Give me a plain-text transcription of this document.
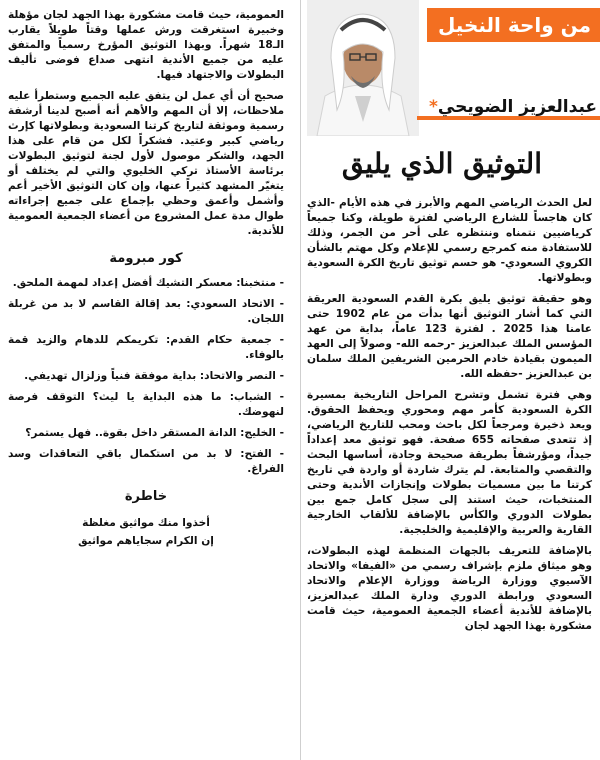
من واحة النخيل
عبدالعزيز الضويحي*
التوثيق الذي يليق

لعل الحدث الرياضي المهم والأبرز في هذه الأيام -الذي كان هاجساً للشارع الرياضي لفترة طويلة، وكنا جميعاً كرياضيين نتمناه وننتظره على أحر من الجمر، وذلك للاستفادة منه كمرجع رسمي للإعلام وكل مهتم بالشأن الكروي السعودي- هو حسم توثيق تاريخ الكرة السعودية وبطولاتها.

وهو حقيقة توثيق يليق بكرة القدم السعودية العريقة التي كما أشار التوثيق أنها بدأت من عام 1902 حتى عامنا هذا 2025 . لفترة 123 عاماً، بداية من عهد المؤسس الملك عبدالعزيز -رحمه الله- وصولاً إلى العهد الميمون بقيادة خادم الحرمين الشريفين الملك سلمان بن عبدالعزيز -حفظه الله.

وهي فترة تشمل وتشرح المراحل التاريخية بمسيرة الكرة السعودية كأمر مهم ومحوري ويحفظ الحقوق. ويعد ذخيرة ومرجعاً لكل باحث ومحب للتاريخ الرياضي، إذ تتعدى صفحاته 655 صفحة. فهو توثيق معد إعداداً جيداً، ومؤرشفاً بطريقة صحيحة وجادة، أساسها البحث والتقصي والمتابعة. لم يترك شاردة أو واردة في تاريخ كرتنا ما بين مسميات بطولات وإنجازات الأندية وحتى المنتخبات، حيث استند إلى سجل كامل جمع بين بطولات الدوري والكأس بالإضافة للألقاب الخارجية القارية والعربية والإقليمية والخليجية.

بالإضافة للتعريف بالجهات المنظمة لهذه البطولات، وهو ميثاق ملزم بإشراف رسمي من «الفيفا» والاتحاد الآسيوي ووزارة الرياضة ووزارة الإعلام والاتحاد السعودي ورابطة الدوري ودارة الملك عبدالعزيز، بالإضافة للأندية أعضاء الجمعية العمومية، حيث قامت مشكورة بهذا الجهد لجان

العمومية، حيث قامت مشكورة بهذا الجهد لجان مؤهلة وخبيرة استغرقت ورش عملها وقتاً طويلاً يقارب الـ18 شهراً. وبهذا التوثيق المؤرخ رسمياً والمتفق عليه من جميع الأندية انتهى صداع فوضى تأليف البطولات والاجتهاد فيها.

صحيح أن أي عمل لن يتفق عليه الجميع وستطرأ عليه ملاحظات، إلا أن المهم والأهم أنه أصبح لدينا أرشفة رسمية وموثقة لتاريخ كرتنا السعودية وبطولاتها كإرث رياضي كبير وعتيد. فشكراً لكل من قام على هذا الجهد، والشكر موصول لأول لجنة لتوثيق البطولات برئاسة الأستاذ تركي الخليوي والتي لم يختلف أو يتغيّر المشهد كثيراً عنها، وإن كان التوثيق الأخير أعم وأشمل وأعمق وحظي بإجماع على جميع إجراءاته طوال مدة عمل المشروع من أعضاء الجمعية العمومية للأندية.

كور مبرومة
- منتخبنا: معسكر التشيك أفضل إعداد لمهمة الملحق.
- الاتحاد السعودي: بعد إقالة القاسم لا بد من غربلة اللجان.
- جمعية حكام القدم: تكريمكم للدهام والزيد قمة بالوفاء.
- النصر والاتحاد: بداية موفقة فنياً وزلزال تهديفي.
- الشباب: ما هذه البداية يا ليث؟ التوقف فرصة لنهوضك.
- الخليج: الدانة المستقر داخل بقوة.. فهل يستمر؟
- الفتح: لا بد من استكمال باقي التعاقدات وسد الفراغ.
خاطرة
أخذوا منك مواثيق مغلظة
إن الكرام سجاياهم مواثيق
